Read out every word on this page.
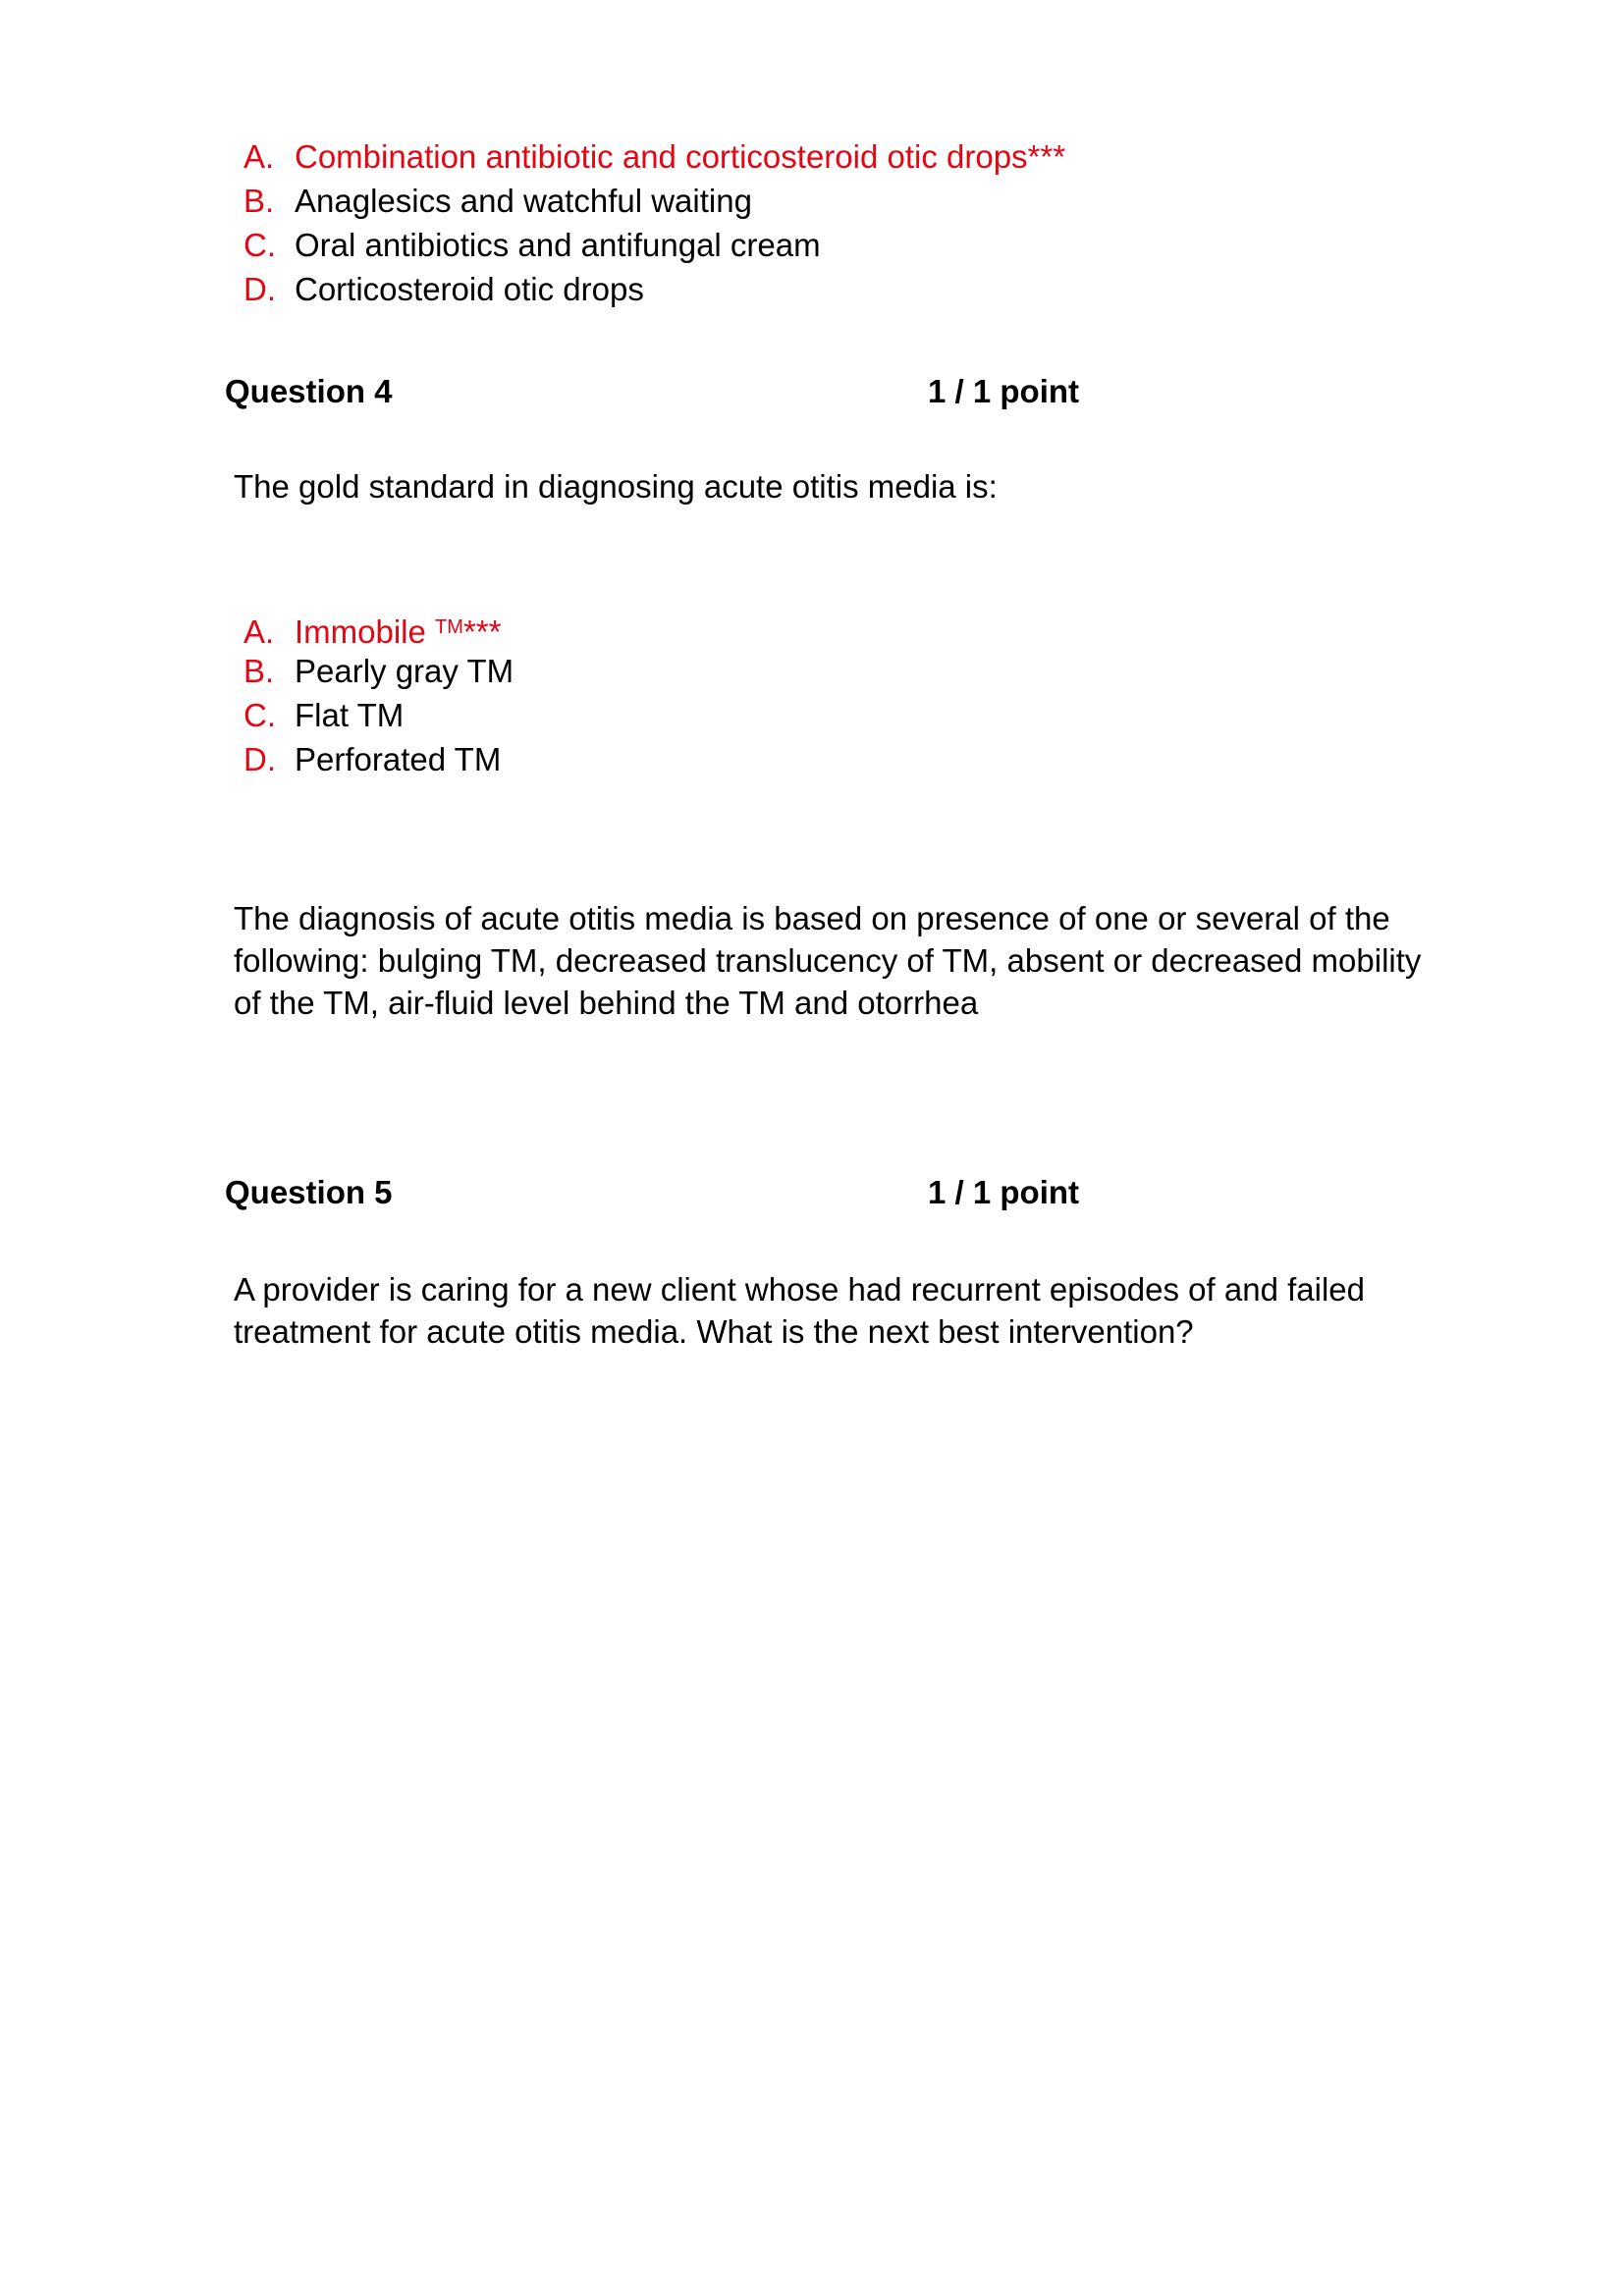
A. Combination antibiotic and corticosteroid otic drops***
B. Anaglesics and watchful waiting
C. Oral antibiotics and antifungal cream
D. Corticosteroid otic drops
Question 4	1 / 1 point
The gold standard in diagnosing acute otitis media is:
A. Immobile ™***
B. Pearly gray TM
C. Flat TM
D. Perforated TM
The diagnosis of acute otitis media is based on presence of one or several of the
following: bulging TM, decreased translucency of TM, absent or decreased mobility
of the TM, air-fluid level behind the TM and otorrhea
Question 5	1 / 1 point
A provider is caring for a new client whose had recurrent episodes of and failed
treatment for acute otitis media. What is the next best intervention?
